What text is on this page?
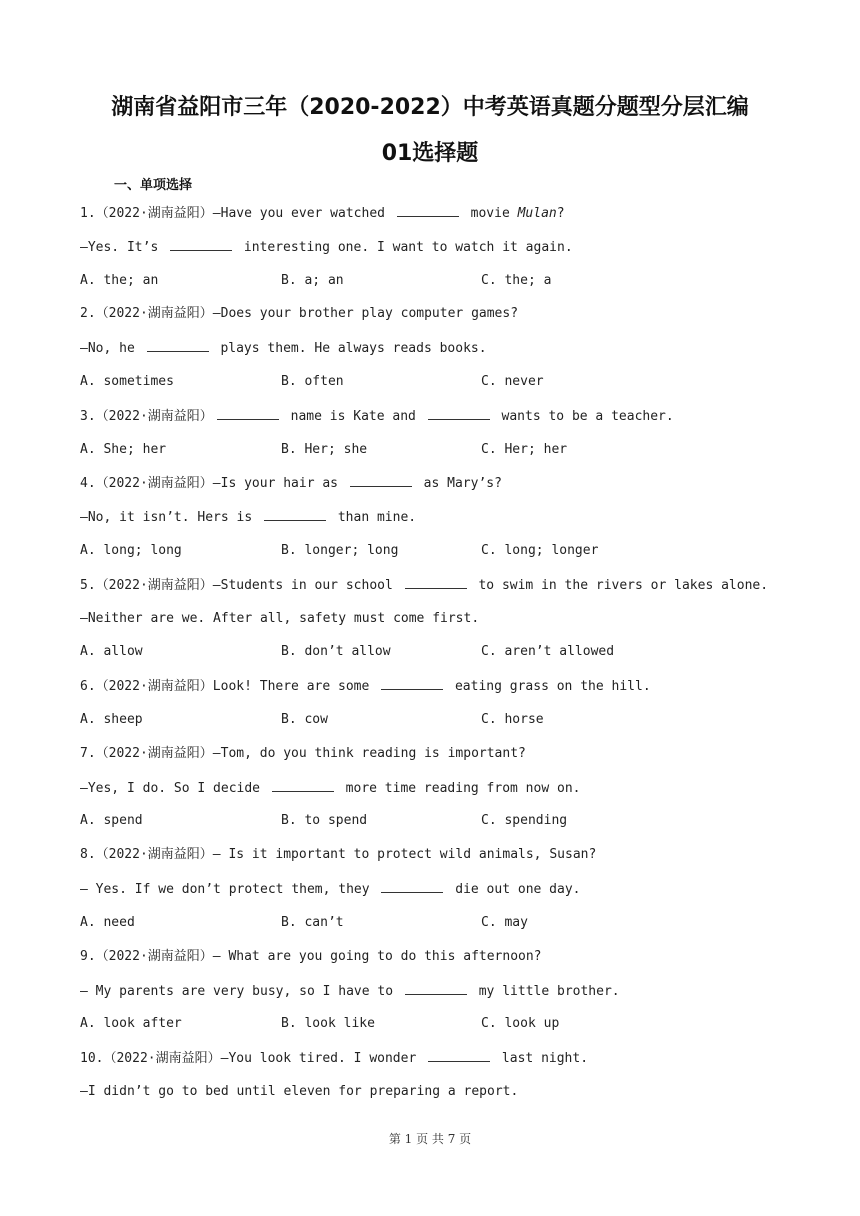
湖南省益阳市三年（2020-2022）中考英语真题分题型分层汇编
01选择题
一、单项选择
1.（2022·湖南益阳）—Have you ever watched	movie Mulan?
—Yes. It’s	interesting one. I want to watch it again.
A. the; an	B. a; an	C. the; a
2.（2022·湖南益阳）—Does your brother play computer games?
—No, he	plays them. He always reads books.
A. sometimes	B. often	C. never
3.（2022·湖南益阳）	name is Kate and	wants to be a teacher.
A. She; her	B. Her; she	C. Her; her
4.（2022·湖南益阳）—Is your hair as	as Mary’s?
—No, it isn’t. Hers is	than mine.
A. long; long	B. longer; long	C. long; longer
5.（2022·湖南益阳）—Students in our school	to swim in the rivers or lakes alone.
—Neither are we. After all, safety must come first.
A. allow	B. don’t allow	C. aren’t allowed
6.（2022·湖南益阳）Look! There are some	eating grass on the hill.
A. sheep	B. cow	C. horse
7.（2022·湖南益阳）—Tom, do you think reading is important?
—Yes, I do. So I decide	more time reading from now on.
A. spend	B. to spend	C. spending
8.（2022·湖南益阳）— Is it important to protect wild animals, Susan?
— Yes. If we don’t protect them, they	die out one day.
A. need	B. can’t	C. may
9.（2022·湖南益阳）— What are you going to do this afternoon?
— My parents are very busy, so I have to	my little brother.
A. look after	B. look like	C. look up
10.（2022·湖南益阳）—You look tired. I wonder	last night.
—I didn’t go to bed until eleven for preparing a report.
第 1 页 共 7 页
